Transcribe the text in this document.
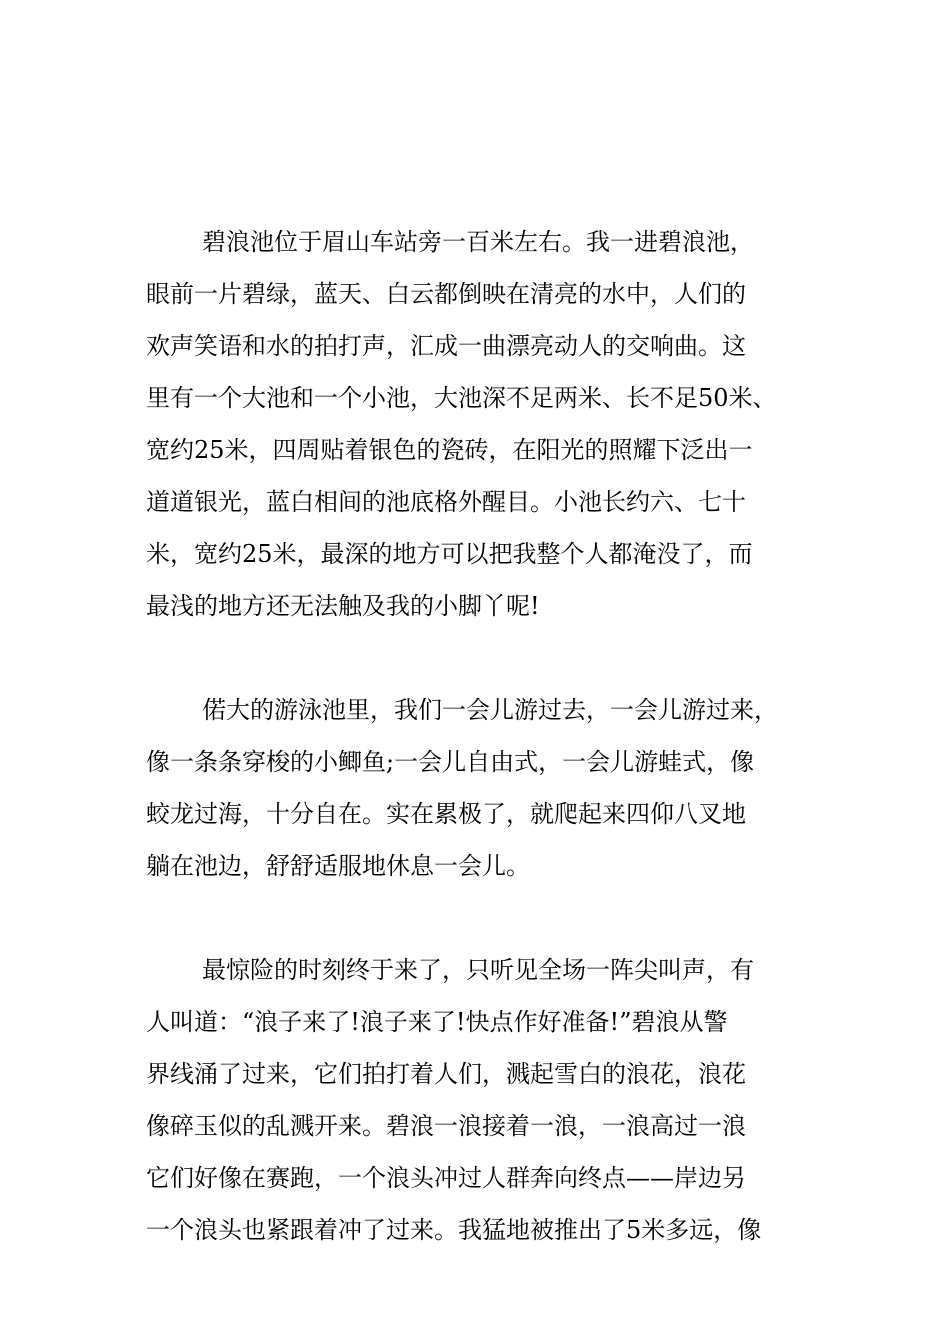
碧浪池位于眉山车站旁一百米左右。我一进碧浪池，
眼前一片碧绿，蓝天、白云都倒映在清亮的水中，人们的
欢声笑语和水的拍打声，汇成一曲漂亮动人的交响曲。这
里有一个大池和一个小池，大池深不足两米、长不足50米、
宽约25米，四周贴着银色的瓷砖，在阳光的照耀下泛出一
道道银光，蓝白相间的池底格外醒目。小池长约六、七十
米，宽约25米，最深的地方可以把我整个人都淹没了，而
最浅的地方还无法触及我的小脚丫呢!
偌大的游泳池里，我们一会儿游过去，一会儿游过来，
像一条条穿梭的小鲫鱼;一会儿自由式，一会儿游蛙式，像
蛟龙过海，十分自在。实在累极了，就爬起来四仰八叉地
躺在池边，舒舒适服地休息一会儿。
最惊险的时刻终于来了，只听见全场一阵尖叫声，有
人叫道：“浪子来了!浪子来了!快点作好准备!”碧浪从警
界线涌了过来，它们拍打着人们，溅起雪白的浪花，浪花
像碎玉似的乱溅开来。碧浪一浪接着一浪，一浪高过一浪
它们好像在赛跑，一个浪头冲过人群奔向终点——岸边另
一个浪头也紧跟着冲了过来。我猛地被推出了5米多远，像
